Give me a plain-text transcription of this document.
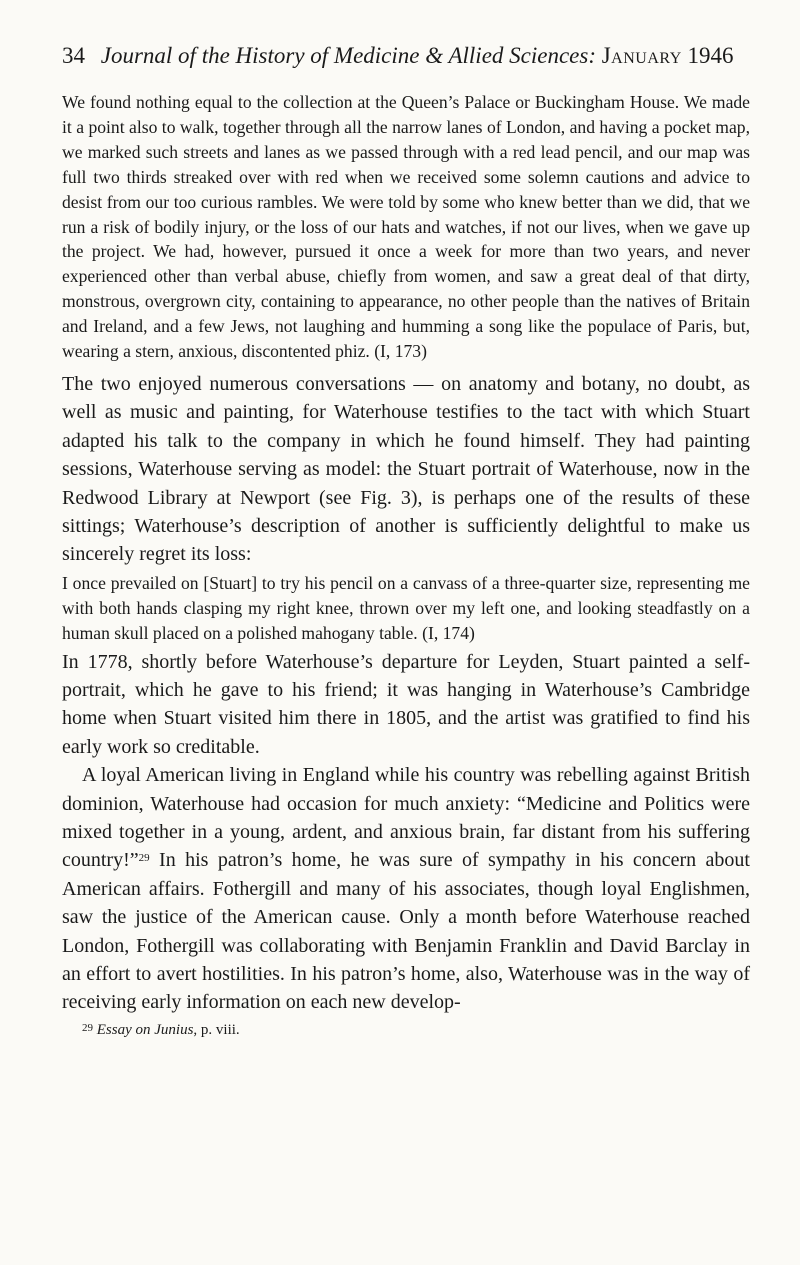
34 Journal of the History of Medicine & Allied Sciences: January 1946

We found nothing equal to the collection at the Queen’s Palace or Buckingham House. We made it a point also to walk, together through all the narrow lanes of London, and having a pocket map, we marked such streets and lanes as we passed through with a red lead pencil, and our map was full two thirds streaked over with red when we received some solemn cautions and advice to desist from our too curious rambles. We were told by some who knew better than we did, that we run a risk of bodily injury, or the loss of our hats and watches, if not our lives, when we gave up the project. We had, however, pursued it once a week for more than two years, and never experienced other than verbal abuse, chiefly from women, and saw a great deal of that dirty, monstrous, overgrown city, containing to appearance, no other people than the natives of Britain and Ireland, and a few Jews, not laughing and humming a song like the populace of Paris, but, wearing a stern, anxious, discontented phiz. (I, 173)

The two enjoyed numerous conversations — on anatomy and botany, no doubt, as well as music and painting, for Waterhouse testifies to the tact with which Stuart adapted his talk to the company in which he found himself. They had painting sessions, Waterhouse serving as model: the Stuart portrait of Waterhouse, now in the Redwood Library at Newport (see Fig. 3), is perhaps one of the results of these sittings; Waterhouse’s description of another is sufficiently delightful to make us sincerely regret its loss:

I once prevailed on [Stuart] to try his pencil on a canvass of a three-quarter size, representing me with both hands clasping my right knee, thrown over my left one, and looking steadfastly on a human skull placed on a polished mahogany table. (I, 174)

In 1778, shortly before Waterhouse’s departure for Leyden, Stuart painted a self-portrait, which he gave to his friend; it was hanging in Waterhouse’s Cambridge home when Stuart visited him there in 1805, and the artist was gratified to find his early work so creditable.

A loyal American living in England while his country was rebelling against British dominion, Waterhouse had occasion for much anxiety: “Medicine and Politics were mixed together in a young, ardent, and anxious brain, far distant from his suffering country!”$^{29}$ In his patron’s home, he was sure of sympathy in his concern about American affairs. Fothergill and many of his associates, though loyal Englishmen, saw the justice of the American cause. Only a month before Waterhouse reached London, Fothergill was collaborating with Benjamin Franklin and David Barclay in an effort to avert hostilities. In his patron’s home, also, Waterhouse was in the way of receiving early information on each new develop-

$^{29}$ Essay on Junius, p. viii.
